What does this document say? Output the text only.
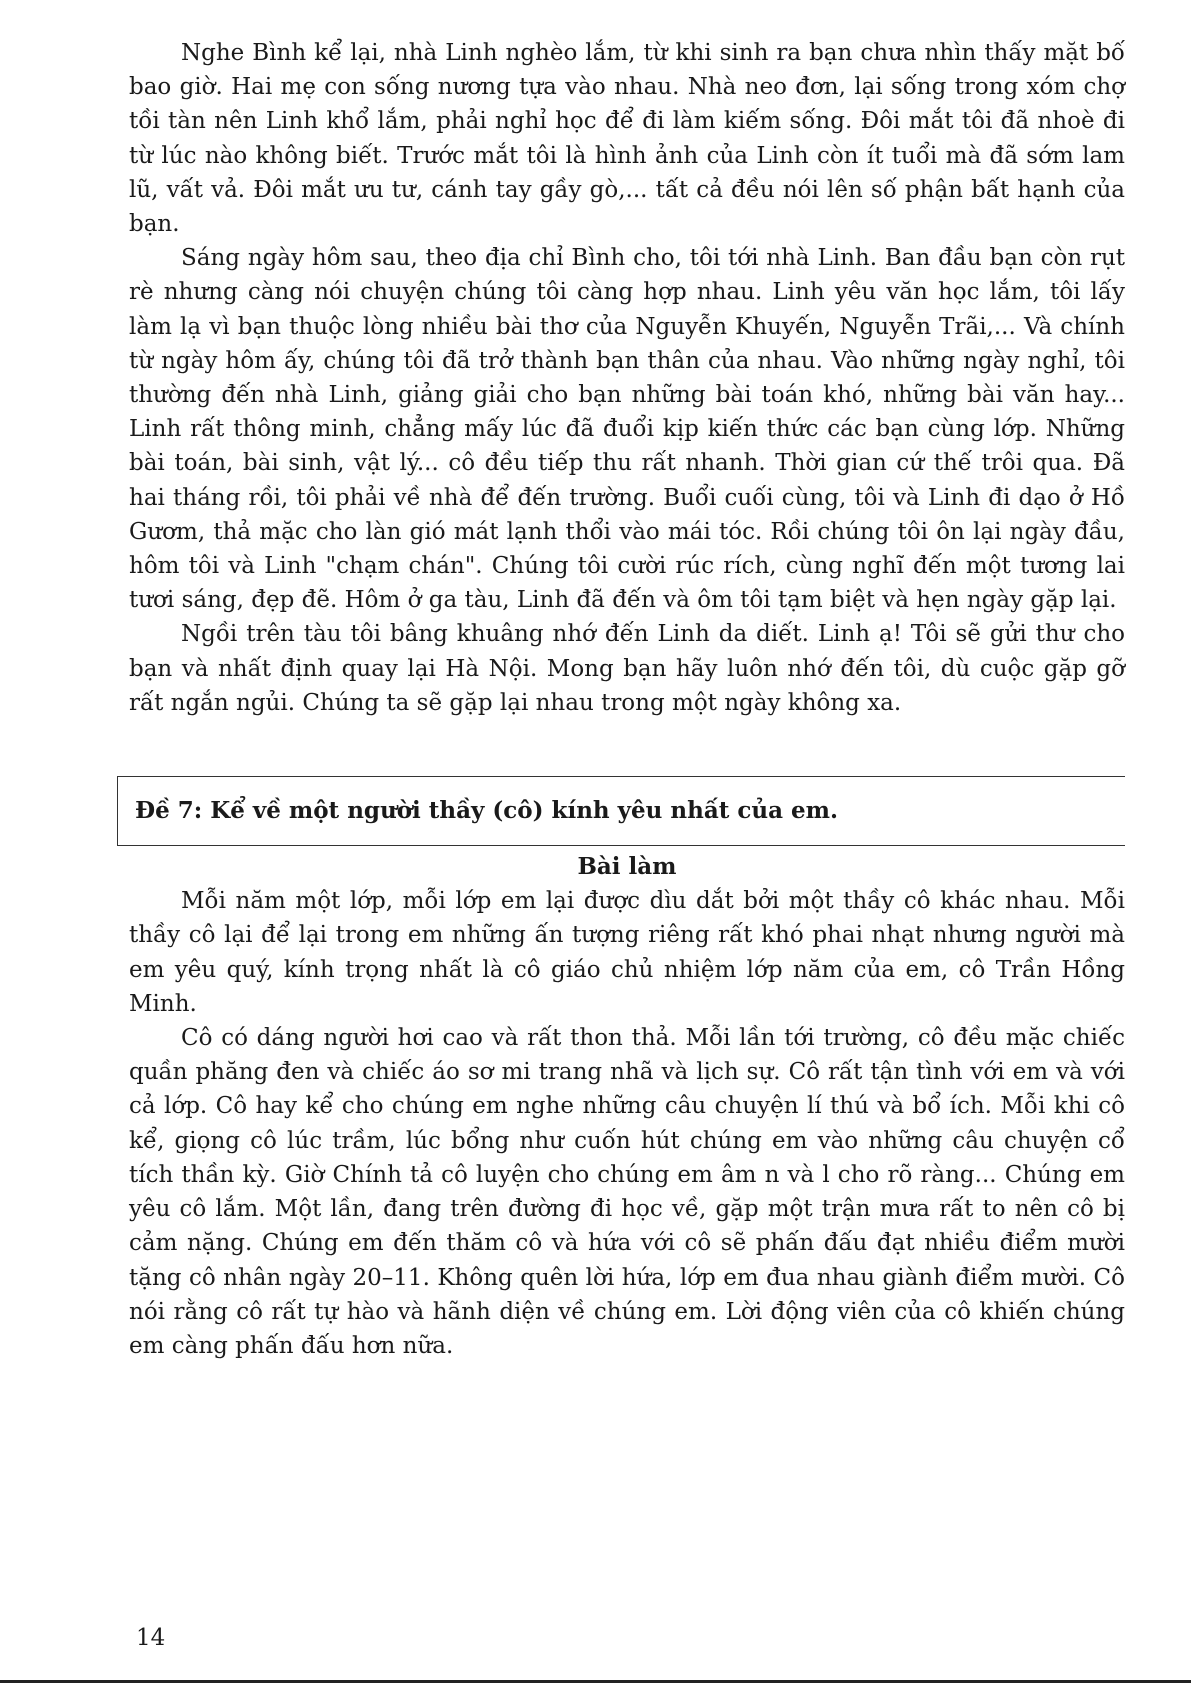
Nghe Bình kể lại, nhà Linh nghèo lắm, từ khi sinh ra bạn chưa nhìn thấy mặt bố bao giờ. Hai mẹ con sống nương tựa vào nhau. Nhà neo đơn, lại sống trong xóm chợ tồi tàn nên Linh khổ lắm, phải nghỉ học để đi làm kiếm sống. Đôi mắt tôi đã nhoè đi từ lúc nào không biết. Trước mắt tôi là hình ảnh của Linh còn ít tuổi mà đã sớm lam lũ, vất vả. Đôi mắt ưu tư, cánh tay gầy gò,... tất cả đều nói lên số phận bất hạnh của bạn.

Sáng ngày hôm sau, theo địa chỉ Bình cho, tôi tới nhà Linh. Ban đầu bạn còn rụt rè nhưng càng nói chuyện chúng tôi càng hợp nhau. Linh yêu văn học lắm, tôi lấy làm lạ vì bạn thuộc lòng nhiều bài thơ của Nguyễn Khuyến, Nguyễn Trãi,... Và chính từ ngày hôm ấy, chúng tôi đã trở thành bạn thân của nhau. Vào những ngày nghỉ, tôi thường đến nhà Linh, giảng giải cho bạn những bài toán khó, những bài văn hay... Linh rất thông minh, chẳng mấy lúc đã đuổi kịp kiến thức các bạn cùng lớp. Những bài toán, bài sinh, vật lý... cô đều tiếp thu rất nhanh. Thời gian cứ thế trôi qua. Đã hai tháng rồi, tôi phải về nhà để đến trường. Buổi cuối cùng, tôi và Linh đi dạo ở Hồ Gươm, thả mặc cho làn gió mát lạnh thổi vào mái tóc. Rồi chúng tôi ôn lại ngày đầu, hôm tôi và Linh "chạm chán". Chúng tôi cười rúc rích, cùng nghĩ đến một tương lai tươi sáng, đẹp đẽ. Hôm ở ga tàu, Linh đã đến và ôm tôi tạm biệt và hẹn ngày gặp lại.

Ngồi trên tàu tôi bâng khuâng nhớ đến Linh da diết. Linh ạ! Tôi sẽ gửi thư cho bạn và nhất định quay lại Hà Nội. Mong bạn hãy luôn nhớ đến tôi, dù cuộc gặp gỡ rất ngắn ngủi. Chúng ta sẽ gặp lại nhau trong một ngày không xa.

Đề 7: Kể về một người thầy (cô) kính yêu nhất của em.

Bài làm

Mỗi năm một lớp, mỗi lớp em lại được dìu dắt bởi một thầy cô khác nhau. Mỗi thầy cô lại để lại trong em những ấn tượng riêng rất khó phai nhạt nhưng người mà em yêu quý, kính trọng nhất là cô giáo chủ nhiệm lớp năm của em, cô Trần Hồng Minh.

Cô có dáng người hơi cao và rất thon thả. Mỗi lần tới trường, cô đều mặc chiếc quần phăng đen và chiếc áo sơ mi trang nhã và lịch sự. Cô rất tận tình với em và với cả lớp. Cô hay kể cho chúng em nghe những câu chuyện lí thú và bổ ích. Mỗi khi cô kể, giọng cô lúc trầm, lúc bổng như cuốn hút chúng em vào những câu chuyện cổ tích thần kỳ. Giờ Chính tả cô luyện cho chúng em âm n và l cho rõ ràng... Chúng em yêu cô lắm. Một lần, đang trên đường đi học về, gặp một trận mưa rất to nên cô bị cảm nặng. Chúng em đến thăm cô và hứa với cô sẽ phấn đấu đạt nhiều điểm mười tặng cô nhân ngày 20–11. Không quên lời hứa, lớp em đua nhau giành điểm mười. Cô nói rằng cô rất tự hào và hãnh diện về chúng em. Lời động viên của cô khiến chúng em càng phấn đấu hơn nữa.

14
